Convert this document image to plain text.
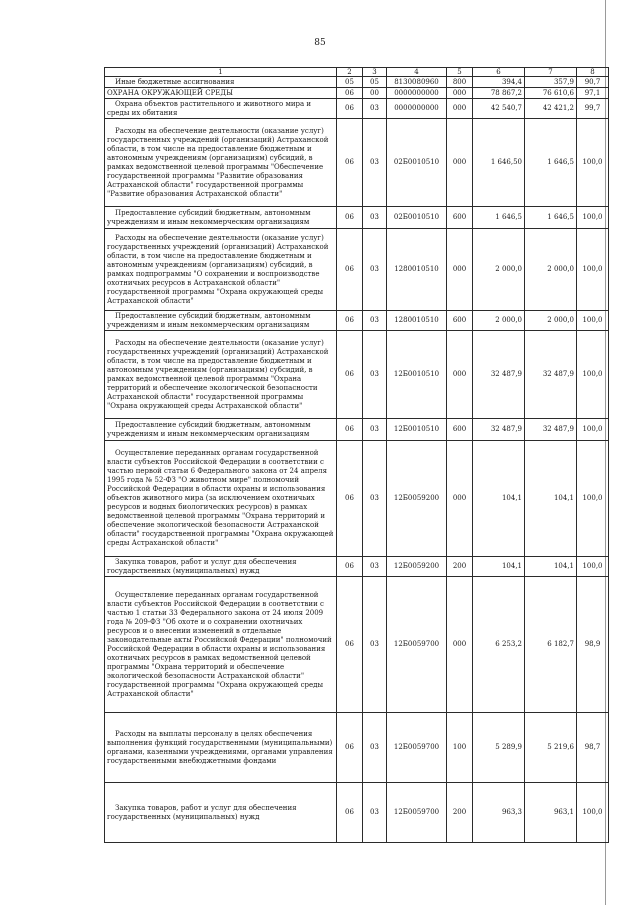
85
1	2	3	4	5	6	7	8
Иные бюджетные ассигнования	05	05	8130080960	800	394,4	357,9	90,7
ОХРАНА ОКРУЖАЮЩЕЙ СРЕДЫ	06	00	0000000000	000	78 867,2	76 610,6	97,1
Охрана объектов растительного и животного мира и среды их обитания	06	03	0000000000	000	42 540,7	42 421,2	99,7
Расходы на обеспечение деятельности (оказание услуг) государственных учреждений (организаций) Астраханской области, в том числе на предоставление бюджетным и автономным учреждениям (организациям) субсидий, в рамках ведомственной целевой программы "Обеспечение государственной программы "Развитие образования Астраханской области" государственной программы "Развитие образования Астраханской области"	06	03	02Б0010510	000	1 646,50	1 646,5	100,0
Предоставление субсидий бюджетным, автономным учреждениям и иным некоммерческим организациям	06	03	02Б0010510	600	1 646,5	1 646,5	100,0
Расходы на обеспечение деятельности (оказание услуг) государственных учреждений (организаций) Астраханской области, в том числе на предоставление бюджетным и автономным учреждениям (организациям) субсидий, в рамках подпрограммы "О сохранении и воспроизводстве охотничьих ресурсов в Астраханской области" государственной программы "Охрана окружающей среды Астраханской области"	06	03	1280010510	000	2 000,0	2 000,0	100,0
Предоставление субсидий бюджетным, автономным учреждениям и иным некоммерческим организациям	06	03	1280010510	600	2 000,0	2 000,0	100,0
Расходы на обеспечение деятельности (оказание услуг) государственных учреждений (организаций) Астраханской области, в том числе на предоставление бюджетным и автономным учреждениям (организациям) субсидий, в рамках ведомственной целевой программы "Охрана территорий и обеспечение экологической безопасности Астраханской области" государственной программы "Охрана окружающей среды Астраханской области"	06	03	12Б0010510	000	32 487,9	32 487,9	100,0
Предоставление субсидий бюджетным, автономным учреждениям и иным некоммерческим организациям	06	03	12Б0010510	600	32 487,9	32 487,9	100,0
Осуществление переданных органам государственной власти субъектов Российской Федерации в соответствии с частью первой статьи 6 Федерального закона от 24 апреля 1995 года № 52-ФЗ "О животном мире" полномочий Российской Федерации в области охраны и использования объектов животного мира (за исключением охотничьих ресурсов и водных биологических ресурсов) в рамках ведомственной целевой программы "Охрана территорий и обеспечение экологической безопасности Астраханской области" государственной программы "Охрана окружающей среды Астраханской области"	06	03	12Б0059200	000	104,1	104,1	100,0
Закупка товаров, работ и услуг для обеспечения государственных (муниципальных) нужд	06	03	12Б0059200	200	104,1	104,1	100,0
Осуществление переданных органам государственной власти субъектов Российской Федерации в соответствии с частью 1 статьи 33 Федерального закона от 24 июля 2009 года № 209-ФЗ "Об охоте и о сохранении охотничьих ресурсов и о внесении изменений в отдельные законодательные акты Российской Федерации" полномочий Российской Федерации в области охраны и использования охотничьих ресурсов в рамках ведомственной целевой программы "Охрана территорий и обеспечение экологической безопасности Астраханской области" государственной программы "Охрана окружающей среды Астраханской области"	06	03	12Б0059700	000	6 253,2	6 182,7	98,9
Расходы на выплаты персоналу в целях обеспечения выполнения функций государственными (муниципальными) органами, казенными учреждениями, органами управления государственными внебюджетными фондами	06	03	12Б0059700	100	5 289,9	5 219,6	98,7
Закупка товаров, работ и услуг для обеспечения государственных (муниципальных) нужд	06	03	12Б0059700	200	963,3	963,1	100,0
